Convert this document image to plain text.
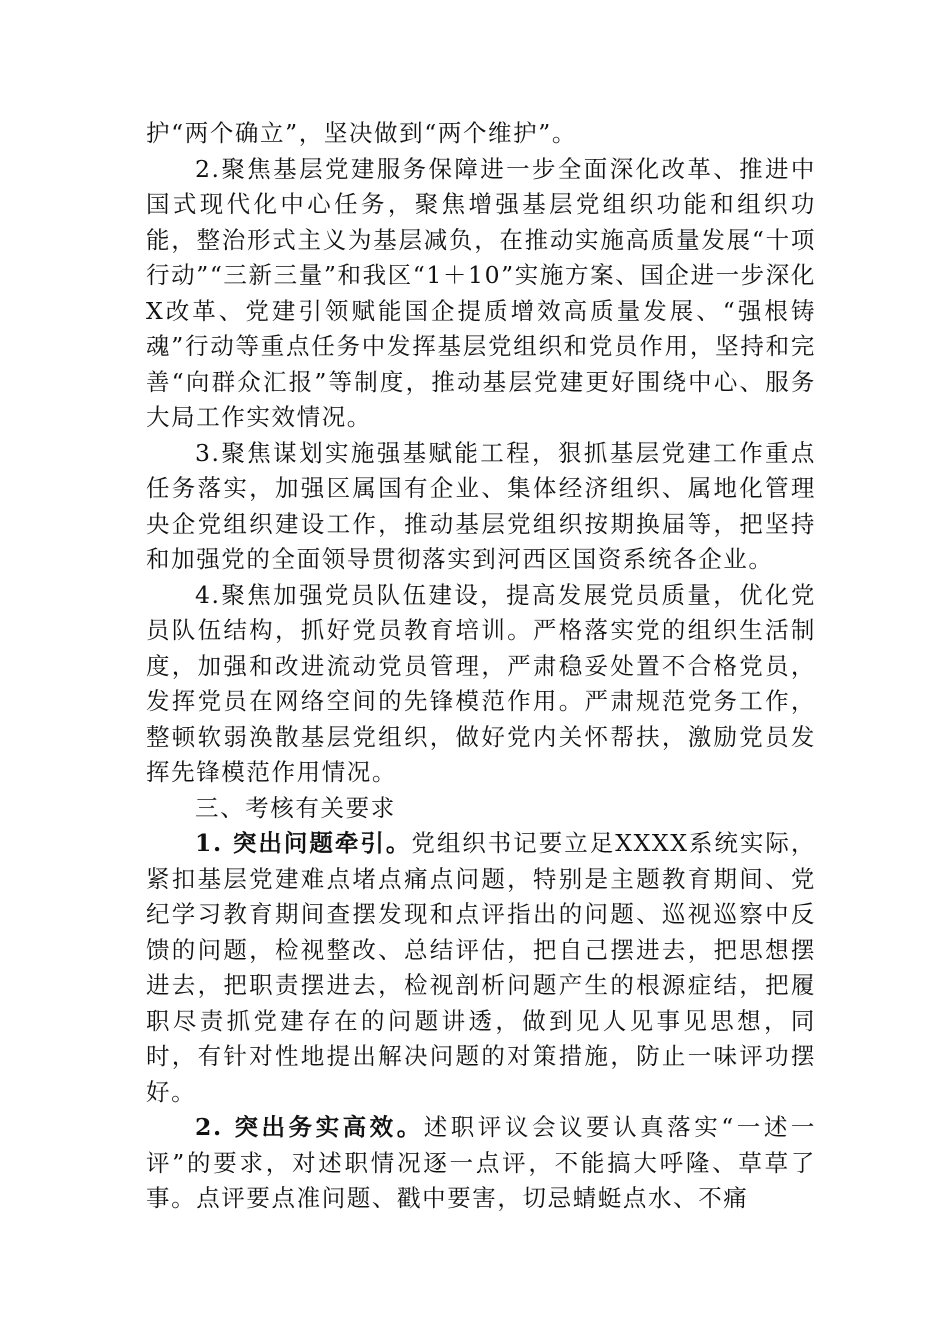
护“两个确立”，坚决做到“两个维护”。

2.聚焦基层党建服务保障进一步全面深化改革、推进中国式现代化中心任务，聚焦增强基层党组织功能和组织功能，整治形式主义为基层减负，在推动实施高质量发展“十项行动”“三新三量”和我区“1＋10”实施方案、国企进一步深化X改革、党建引领赋能国企提质增效高质量发展、“强根铸魂”行动等重点任务中发挥基层党组织和党员作用，坚持和完善“向群众汇报”等制度，推动基层党建更好围绕中心、服务大局工作实效情况。

3.聚焦谋划实施强基赋能工程，狠抓基层党建工作重点任务落实，加强区属国有企业、集体经济组织、属地化管理央企党组织建设工作，推动基层党组织按期换届等，把坚持和加强党的全面领导贯彻落实到河西区国资系统各企业。

4.聚焦加强党员队伍建设，提高发展党员质量，优化党员队伍结构，抓好党员教育培训。严格落实党的组织生活制度，加强和改进流动党员管理，严肃稳妥处置不合格党员，发挥党员在网络空间的先锋模范作用。严肃规范党务工作，整顿软弱涣散基层党组织，做好党内关怀帮扶，激励党员发挥先锋模范作用情况。

三、考核有关要求

1. 突出问题牵引。党组织书记要立足XXXX系统实际，紧扣基层党建难点堵点痛点问题，特别是主题教育期间、党纪学习教育期间查摆发现和点评指出的问题、巡视巡察中反馈的问题，检视整改、总结评估，把自己摆进去，把思想摆进去，把职责摆进去，检视剖析问题产生的根源症结，把履职尽责抓党建存在的问题讲透，做到见人见事见思想，同时，有针对性地提出解决问题的对策措施，防止一味评功摆好。

2. 突出务实高效。述职评议会议要认真落实“一述一评”的要求，对述职情况逐一点评，不能搞大呼隆、草草了事。点评要点准问题、戳中要害，切忌蜻蜓点水、不痛
